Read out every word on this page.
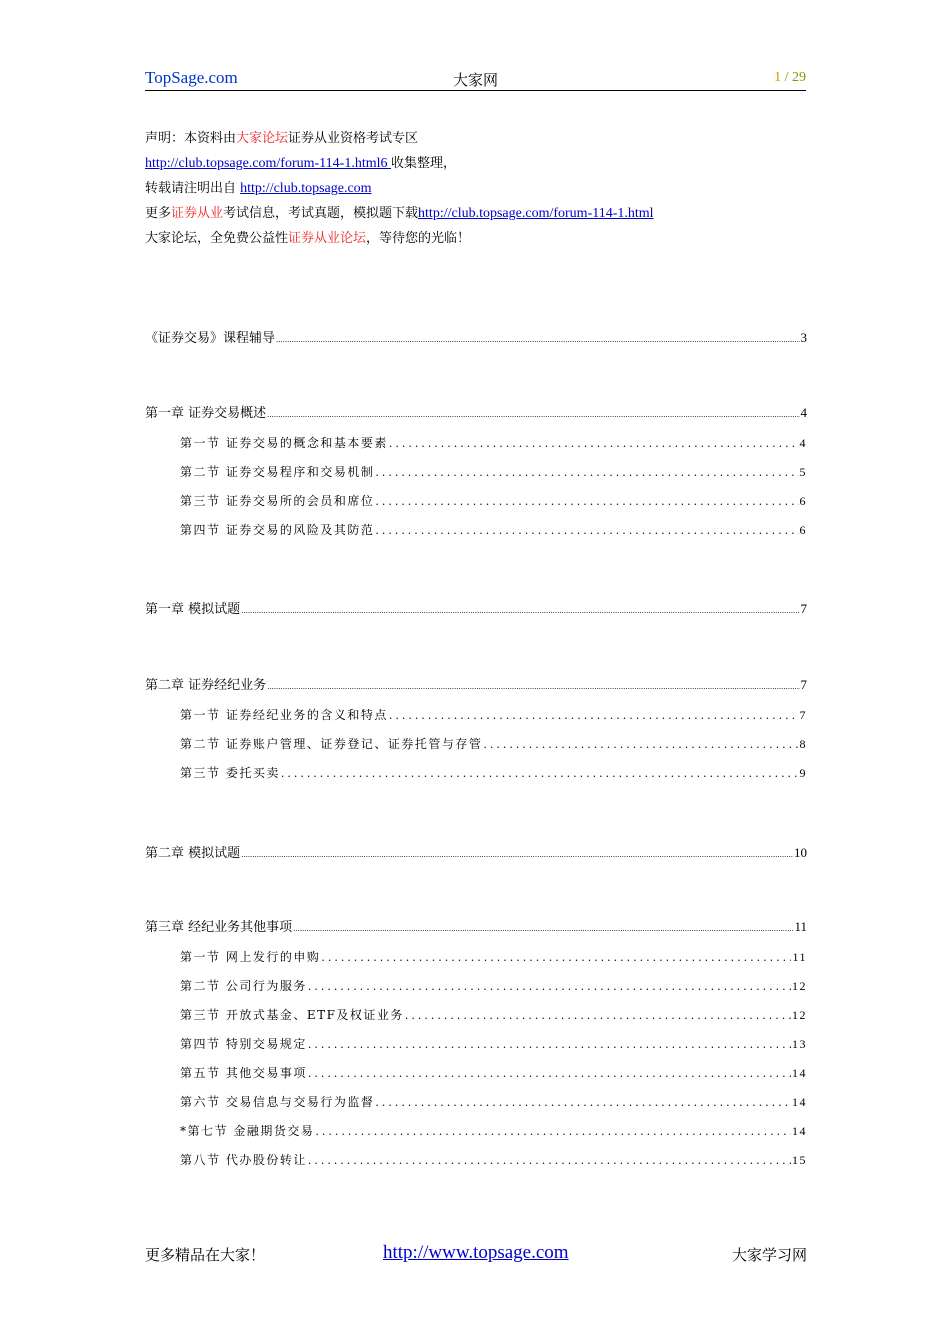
TopSage.com	大家网	1 / 29
声明：本资料由大家论坛证券从业资格考试专区
http://club.topsage.com/forum-114-1.html6 收集整理，
转载请注明出自 http://club.topsage.com
更多证券从业考试信息，考试真题，模拟题下载http://club.topsage.com/forum-114-1.html
大家论坛，全免费公益性证券从业论坛，等待您的光临！
《证券交易》课程辅导 .....	3
第一章 证券交易概述 .....	4
第一节 证券交易的概念和基本要素 .....	4
第二节 证券交易程序和交易机制 .....	5
第三节 证券交易所的会员和席位 .....	6
第四节 证券交易的风险及其防范 .....	6
第一章 模拟试题 .....	7
第二章 证券经纪业务 .....	7
第一节 证券经纪业务的含义和特点 .....	7
第二节 证券账户管理、证券登记、证券托管与存管 .....	8
第三节 委托买卖 .....	9
第二章 模拟试题 .....	10
第三章 经纪业务其他事项 .....	11
第一节 网上发行的申购 .....	11
第二节 公司行为服务 .....	12
第三节 开放式基金、ETF及权证业务 .....	12
第四节 特别交易规定 .....	13
第五节 其他交易事项 .....	14
第六节 交易信息与交易行为监督 .....	14
*第七节 金融期货交易 .....	14
第八节 代办股份转让 .....	15
更多精品在大家！	http://www.topsage.com	大家学习网
